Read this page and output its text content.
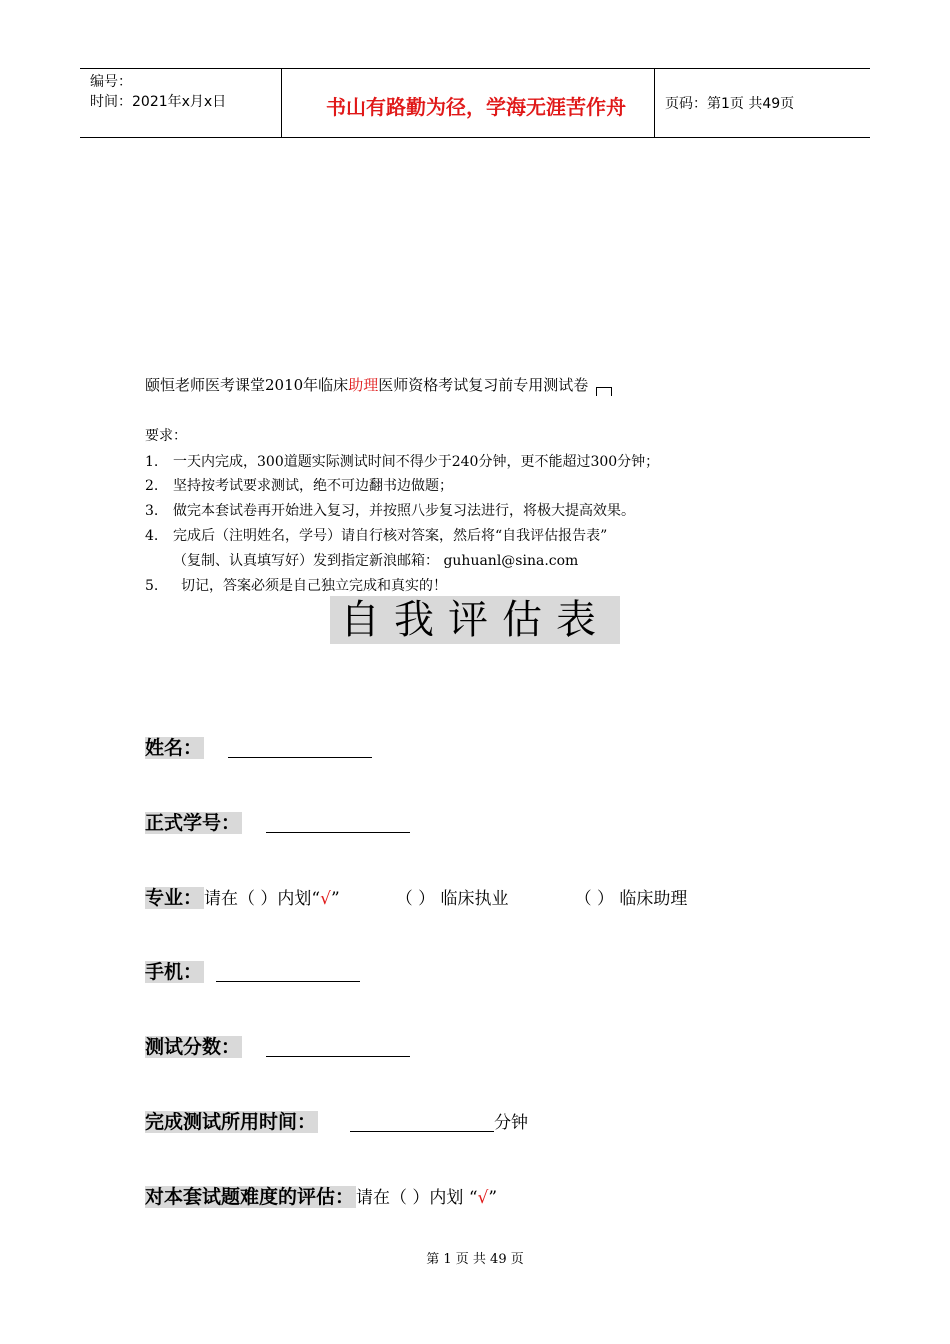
编号：
时间：2021年x月x日	书山有路勤为径，学海无涯苦作舟	页码：第1页 共49页
颐恒老师医考课堂2010年临床助理医师资格考试复习前专用测试卷
要求：
1. 一天内完成，300道题实际测试时间不得少于240分钟，更不能超过300分钟；
2. 坚持按考试要求测试，绝不可边翻书边做题；
3. 做完本套试卷再开始进入复习，并按照八步复习法进行，将极大提高效果。
4. 完成后（注明姓名，学号）请自行核对答案，然后将“自我评估报告表”
（复制、认真填写好）发到指定新浪邮箱： guhuanl@sina.com
5. 切记，答案必须是自己独立完成和真实的！
自我评估表
姓名：
正式学号：
专业： 请在（ ）内划“√”	（ ） 临床执业	（ ） 临床助理
手机：
测试分数：
完成测试所用时间：	分钟
对本套试题难度的评估： 请在（ ）内划 “√”
第 1 页 共 49 页
